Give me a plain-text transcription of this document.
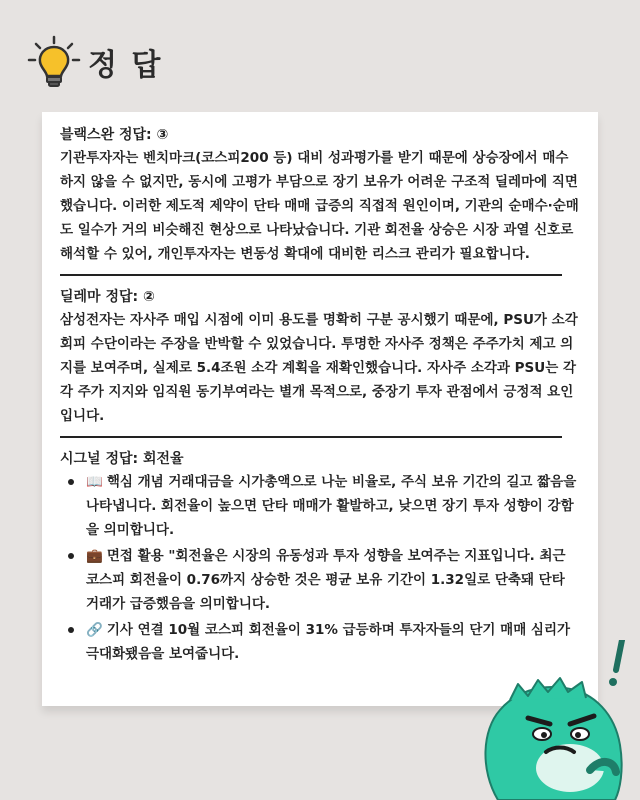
정 답

블랙스완 정답: ③

기관투자자는 벤치마크(코스피200 등) 대비 성과평가를 받기 때문에 상승장에서 매수하지 않을 수 없지만, 동시에 고평가 부담으로 장기 보유가 어려운 구조적 딜레마에 직면했습니다. 이러한 제도적 제약이 단타 매매 급증의 직접적 원인이며, 기관의 순매수·순매도 일수가 거의 비슷해진 현상으로 나타났습니다. 기관 회전율 상승은 시장 과열 신호로 해석할 수 있어, 개인투자자는 변동성 확대에 대비한 리스크 관리가 필요합니다.

딜레마 정답: ②

삼성전자는 자사주 매입 시점에 이미 용도를 명확히 구분 공시했기 때문에, PSU가 소각 회피 수단이라는 주장을 반박할 수 있었습니다. 투명한 자사주 정책은 주주가치 제고 의지를 보여주며, 실제로 5.4조원 소각 계획을 재확인했습니다. 자사주 소각과 PSU는 각각 주가 지지와 임직원 동기부여라는 별개 목적으로, 중장기 투자 관점에서 긍정적 요인입니다.

시그널 정답: 회전율

📖 핵심 개념 거래대금을 시가총액으로 나눈 비율로, 주식 보유 기간의 길고 짧음을 나타냅니다. 회전율이 높으면 단타 매매가 활발하고, 낮으면 장기 투자 성향이 강함을 의미합니다.
💼 면접 활용 "회전율은 시장의 유동성과 투자 성향을 보여주는 지표입니다. 최근 코스피 회전율이 0.76까지 상승한 것은 평균 보유 기간이 1.32일로 단축돼 단타 거래가 급증했음을 의미합니다.
🔗 기사 연결 10월 코스피 회전율이 31% 급등하며 투자자들의 단기 매매 심리가 극대화됐음을 보여줍니다.
